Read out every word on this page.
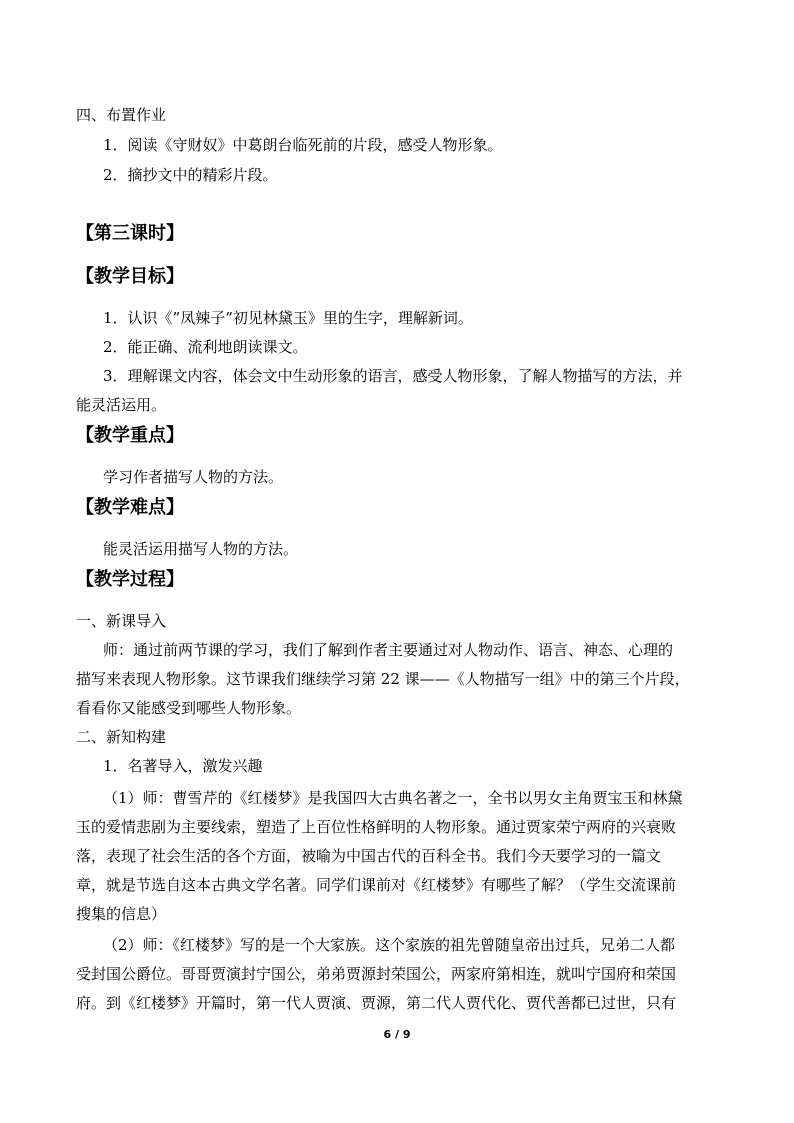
四、布置作业
1．阅读《守财奴》中葛朗台临死前的片段，感受人物形象。
2．摘抄文中的精彩片段。
【第三课时】
【教学目标】
1．认识《”凤辣子”初见林黛玉》里的生字，理解新词。
2．能正确、流利地朗读课文。
3．理解课文内容，体会文中生动形象的语言，感受人物形象，了解人物描写的方法，并
能灵活运用。
【教学重点】
学习作者描写人物的方法。
【教学难点】
能灵活运用描写人物的方法。
【教学过程】
一、新课导入
师：通过前两节课的学习，我们了解到作者主要通过对人物动作、语言、神态、心理的
描写来表现人物形象。这节课我们继续学习第 22 课——《人物描写一组》中的第三个片段，
看看你又能感受到哪些人物形象。
二、新知构建
1．名著导入，激发兴趣
（1）师：曹雪芹的《红楼梦》是我国四大古典名著之一，全书以男女主角贾宝玉和林黛
玉的爱情悲剧为主要线索，塑造了上百位性格鲜明的人物形象。通过贾家荣宁两府的兴衰败
落，表现了社会生活的各个方面，被喻为中国古代的百科全书。我们今天要学习的一篇文
章，就是节选自这本古典文学名著。同学们课前对《红楼梦》有哪些了解？（学生交流课前
搜集的信息）
（2）师：《红楼梦》写的是一个大家族。这个家族的祖先曾随皇帝出过兵，兄弟二人都
受封国公爵位。哥哥贾演封宁国公，弟弟贾源封荣国公，两家府第相连，就叫宁国府和荣国
府。到《红楼梦》开篇时，第一代人贾演、贾源，第二代人贾代化、贾代善都已过世，只有
6 / 9
